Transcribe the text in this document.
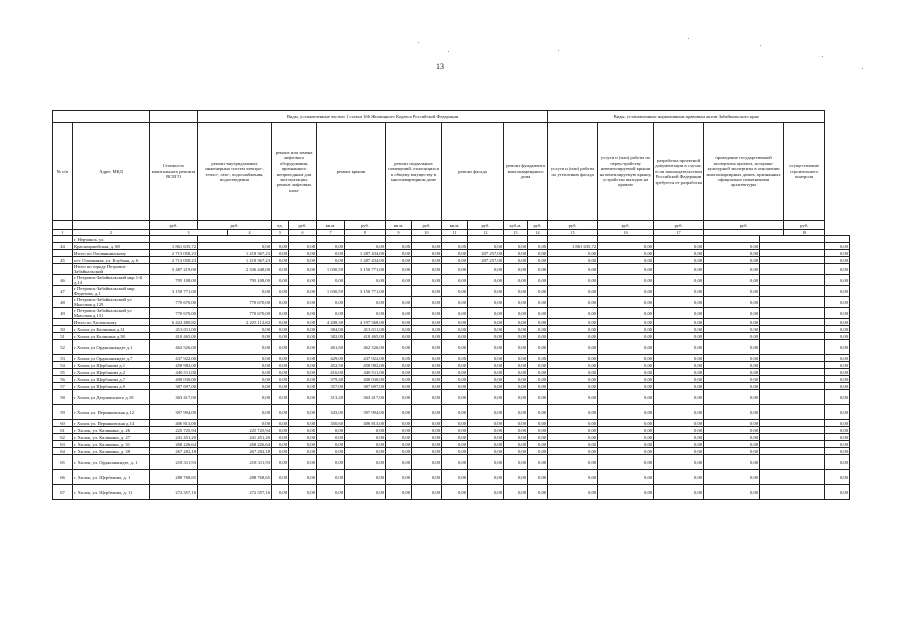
13
			Виды, установленные частью 1 статьи 166 Жилищного Кодекса Российской Федерации												Виды, установленные нормативным правовым актом Забайкальского края						
№ п/п	Адрес МКД	Стоимость капитального ремонта ВСЕГО	ремонт внутридомовых инженерных систем электро-, тепло-, газо-, водоснабжения, водоотведения		ремонт или замена лифтового оборудования, признанного непригодным для эксплуатации, ремонт лифтовых шахт		ремонт крыши		ремонт подвальных помещений, относящихся к общему имуществу в многоквартирном доме		ремонт фасада		ремонт фундамента многоквартирного дома		услуги и (или) работы по утеплению фасада	услуги и (или) работы по переустройству невентилируемой крыши на вентилируемую крышу, устройство выходов на кровлю	разработка проектной документации в случае, если законодательством Российской Федерации требуется ее разработка	проведение государственной экспертизы проекта, историко-культурной экспертизы в отношении многоквартирных домов, признанных официально памятниками архитектуры		осуществление строительного контроля	
		руб.	руб.		ед.	руб.	кв.м.	руб.	кв.м.	руб.	кв.м.	руб.	куб.м.	руб.	руб.	руб.	руб.	руб.		руб.	
1	2	3		4	5	6	7	8	9	10	11	12	13	14	15	16	17			18	
	г. Нерчинск, ул.																				
44	Красноармейская, д. 88	1 861 635,72	0,00		0,00	0,00	0,00	0,00	0,00	0,00	0,00	0,00	0,00	0,00	1 861 635,72	0,00	0,00	0,00			0,00
	Итого по Оловяннинскому	2 713 058,23	1 218 367,23		0,00	0,00	0,00	1 287 434,00	0,00	0,00	0,00	207 257,00	0,00	0,00	0,00	0,00	0,00	0,00			0,00
45	пгт. Оловянная, ул. Клубная, д. 6	2 713 058,23	1 218 367,23		0,00	0,00	0,00	1 287 434,00	0,00	0,00	0,00	207 257,00	0,00	0,00	0,00	0,00	0,00	0,00			0,00
	Итого по городу Петровск-Забайкальский	5 487 219,00	2 336 448,00		0,00	0,00	1 030,59	3 150 771,00	0,00	0,00	0,00	0,00	0,00	0,00	0,00	0,00	0,00	0,00			0,00
46	г Петровск-Забайкальский мкр 1-й д.14	795 108,00	795 108,00		0,00	0,00	0,00	0,00	0,00	0,00	0,00	0,00	0,00	0,00	0,00	0,00	0,00	0,00			0,00
47	г Петровск-Забайкальский мкр Федотова, д.1	3 150 771,00	0,00		0,00	0,00	1 030,59	3 150 771,00		0,00	0,00	0,00	0,00	0,00	0,00	0,00	0,00	0,00			0,00
48	г Петровск-Забайкальский ул Мысовая д.129	770 670,00	770 670,00		0,00	0,00	0,00	0,00	0,00	0,00	0,00	0,00	0,00	0,00	0,00	0,00	0,00	0,00			0,00
49	г Петровск-Забайкальский ул Мысовая д.131	770 670,00	770 670,00		0,00	0,00	0,00	0,00	0,00	0,00	0,00	0,00	0,00	0,00	0,00	0,00	0,00	0,00			0,00
	Итого по Хилокскому	6 422 480,82	2 225 112,82		0,00	0,00	4 208,30	4 197 368,00	0,00	0,00	0,00	0,00	0,00	0,00	0,00	0,00	0,00	0,00			0,00
50	г Хилок ул Калинина д.31	413 011,00	0,00		0,00	0,00	384,00	413 011,00	0,00	0,00	0,00	0,00	0,00	0,00	0,00	0,00	0,00	0,00			0,00
51	г Хилок ул Калинина д.38	410 465,00	0,00		0,00	0,00	382,00	410 465,00	0,00	0,00	0,00	0,00	0,00	0,00	0,00	0,00	0,00	0,00			0,00
52	г Хилок ул Орджоникидзе д.1	462 526,00	0,00		0,00	0,00	461,60	462 526,00	0,00	0,00	0,00	0,00	0,00	0,00	0,00	0,00	0,00	0,00			0,00
53	г Хилок ул Орджоникидзе д.7	437 922,00	0,00		0,00	0,00	429,00	437 922,00	0,00	0,00	0,00	0,00	0,00	0,00	0,00	0,00	0,00	0,00			0,00
54	г Хилок ул Щербакова д.1	458 982,00	0,00		0,00	0,00	452,50	458 982,00	0,00	0,00	0,00	0,00	0,00	0,00	0,00	0,00	0,00	0,00			0,00
55	г Хилок ул Щербакова д.2	440 511,00	0,00		0,00	0,00	416,00	440 511,00	0,00	0,00	0,00	0,00	0,00	0,00	0,00	0,00	0,00	0,00			0,00
56	г Хилок ул Щербакова д.7	408 030,00	0,00		0,00	0,00	379,40	408 030,00	0,00	0,00	0,00	0,00	0,00	0,00	0,00	0,00	0,00	0,00			0,00
57	г Хилок ул Щербакова д.9	387 697,00	0,00		0,00	0,00	357,00	387 697,00	0,00	0,00	0,00	0,00	0,00	0,00	0,00	0,00	0,00	0,00			0,00
58	г Хилок ул Дзержинского д.19	363 417,00	0,00		0,00	0,00	313,20	363 417,00	0,00	0,00	0,00	0,00	0,00	0,00	0,00	0,00	0,00	0,00			0,00
59	г Хилок ул. Пермяковская д.12	397 994,00	0,00		0,00	0,00	343,00	397 994,00	0,00	0,00	0,00	0,00	0,00	0,00	0,00	0,00	0,00	0,00			0,00
60	г Хилок ул. Пермяковская д.14	406 813,00	0,00		0,00	0,00	350,60	406 813,00	0,00	0,00	0,00	0,00	0,00	0,00	0,00	0,00	0,00	0,00			0,00
61	г. Хилок, ул. Калинина, д. 26	225 725,94	225 725,94		0,00	0,00	0,00	0,00	0,00	0,00	0,00	0,00	0,00	0,00	0,00	0,00	0,00	0,00			0,00
62	г. Хилок, ул. Калинина, д. 27	241 451,20	241 451,20		0,00	0,00	0,00	0,00	0,00	0,00	0,00	0,00	0,00	0,00	0,00	0,00	0,00	0,00			0,00
63	г. Хилок, ул. Калинина, д. 31	268 226,64	268 226,64		0,00	0,00	0,00	0,00	0,00	0,00	0,00	0,00	0,00	0,00	0,00	0,00	0,00	0,00			0,00
64	г. Хилок, ул. Калинина, д. 38	267 282,18	267 282,18		0,00	0,00	0,00	0,00	0,00	0,00	0,00	0,00	0,00	0,00	0,00	0,00	0,00	0,00			0,00
65	г. Хилок, ул. Орджоникидзе, д. 1	218 311,93	218 311,93		0,00	0,00	0,00	0,00	0,00	0,00	0,00	0,00	0,00	0,00	0,00	0,00	0,00	0,00			0,00
66	г. Хилок, ул. Щербакова, д. 1	288 768,65	288 768,65		0,00	0,00	0,00	0,00	0,00	0,00	0,00	0,00	0,00	0,00	0,00	0,00	0,00	0,00			0,00
67	г. Хилок, ул. Щербакова, д. 11	272 357,16	272 357,16		0,00	0,00	0,00	0,00	0,00	0,00	0,00	0,00	0,00	0,00	0,00	0,00	0,00	0,00			0,00
